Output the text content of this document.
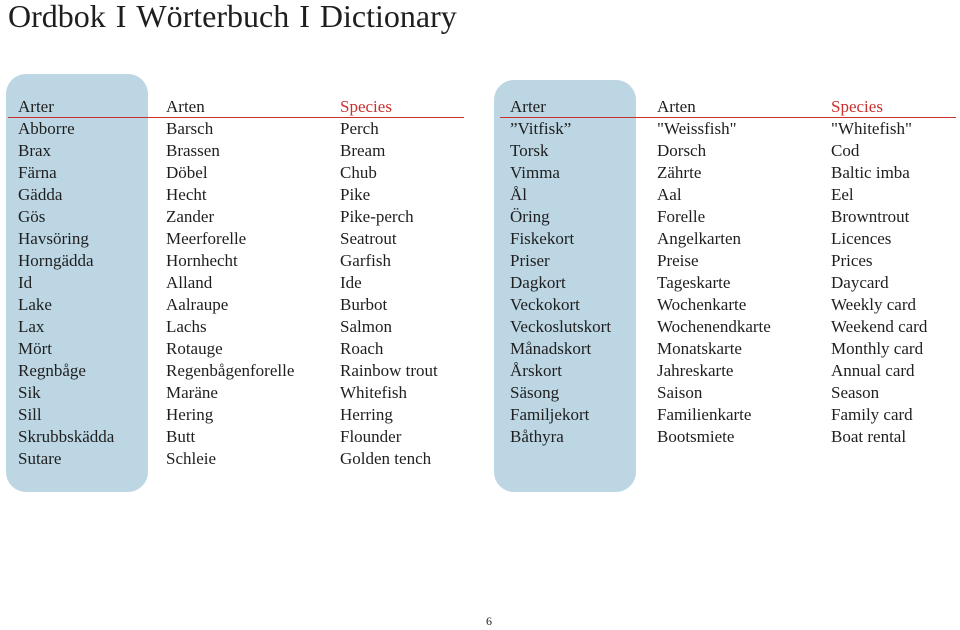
Ordbok I Wörterbuch I Dictionary
Arter
Abborre
Brax
Färna
Gädda
Gös
Havsöring
Horngädda
Id
Lake
Lax
Mört
Regnbåge
Sik
Sill
Skrubbskädda
Sutare
Arten
Barsch
Brassen
Döbel
Hecht
Zander
Meerforelle
Hornhecht
Alland
Aalraupe
Lachs
Rotauge
Regenbågenforelle
Maräne
Hering
Butt
Schleie
Species
Perch
Bream
Chub
Pike
Pike-perch
Seatrout
Garfish
Ide
Burbot
Salmon
Roach
Rainbow trout
Whitefish
Herring
Flounder
Golden tench
Arter
”Vitfisk”
Torsk
Vimma
Ål
Öring
Fiskekort
Priser
Dagkort
Veckokort
Veckoslutskort
Månadskort
Årskort
Säsong
Familjekort
Båthyra
Arten
"Weissfish"
Dorsch
Zährte
Aal
Forelle
Angelkarten
Preise
Tageskarte
Wochenkarte
Wochenendkarte
Monatskarte
Jahreskarte
Saison
Familienkarte
Bootsmiete
Species
"Whitefish"
Cod
Baltic imba
Eel
Browntrout
Licences
Prices
Daycard
Weekly card
Weekend card
Monthly card
Annual card
Season
Family card
Boat rental
6
